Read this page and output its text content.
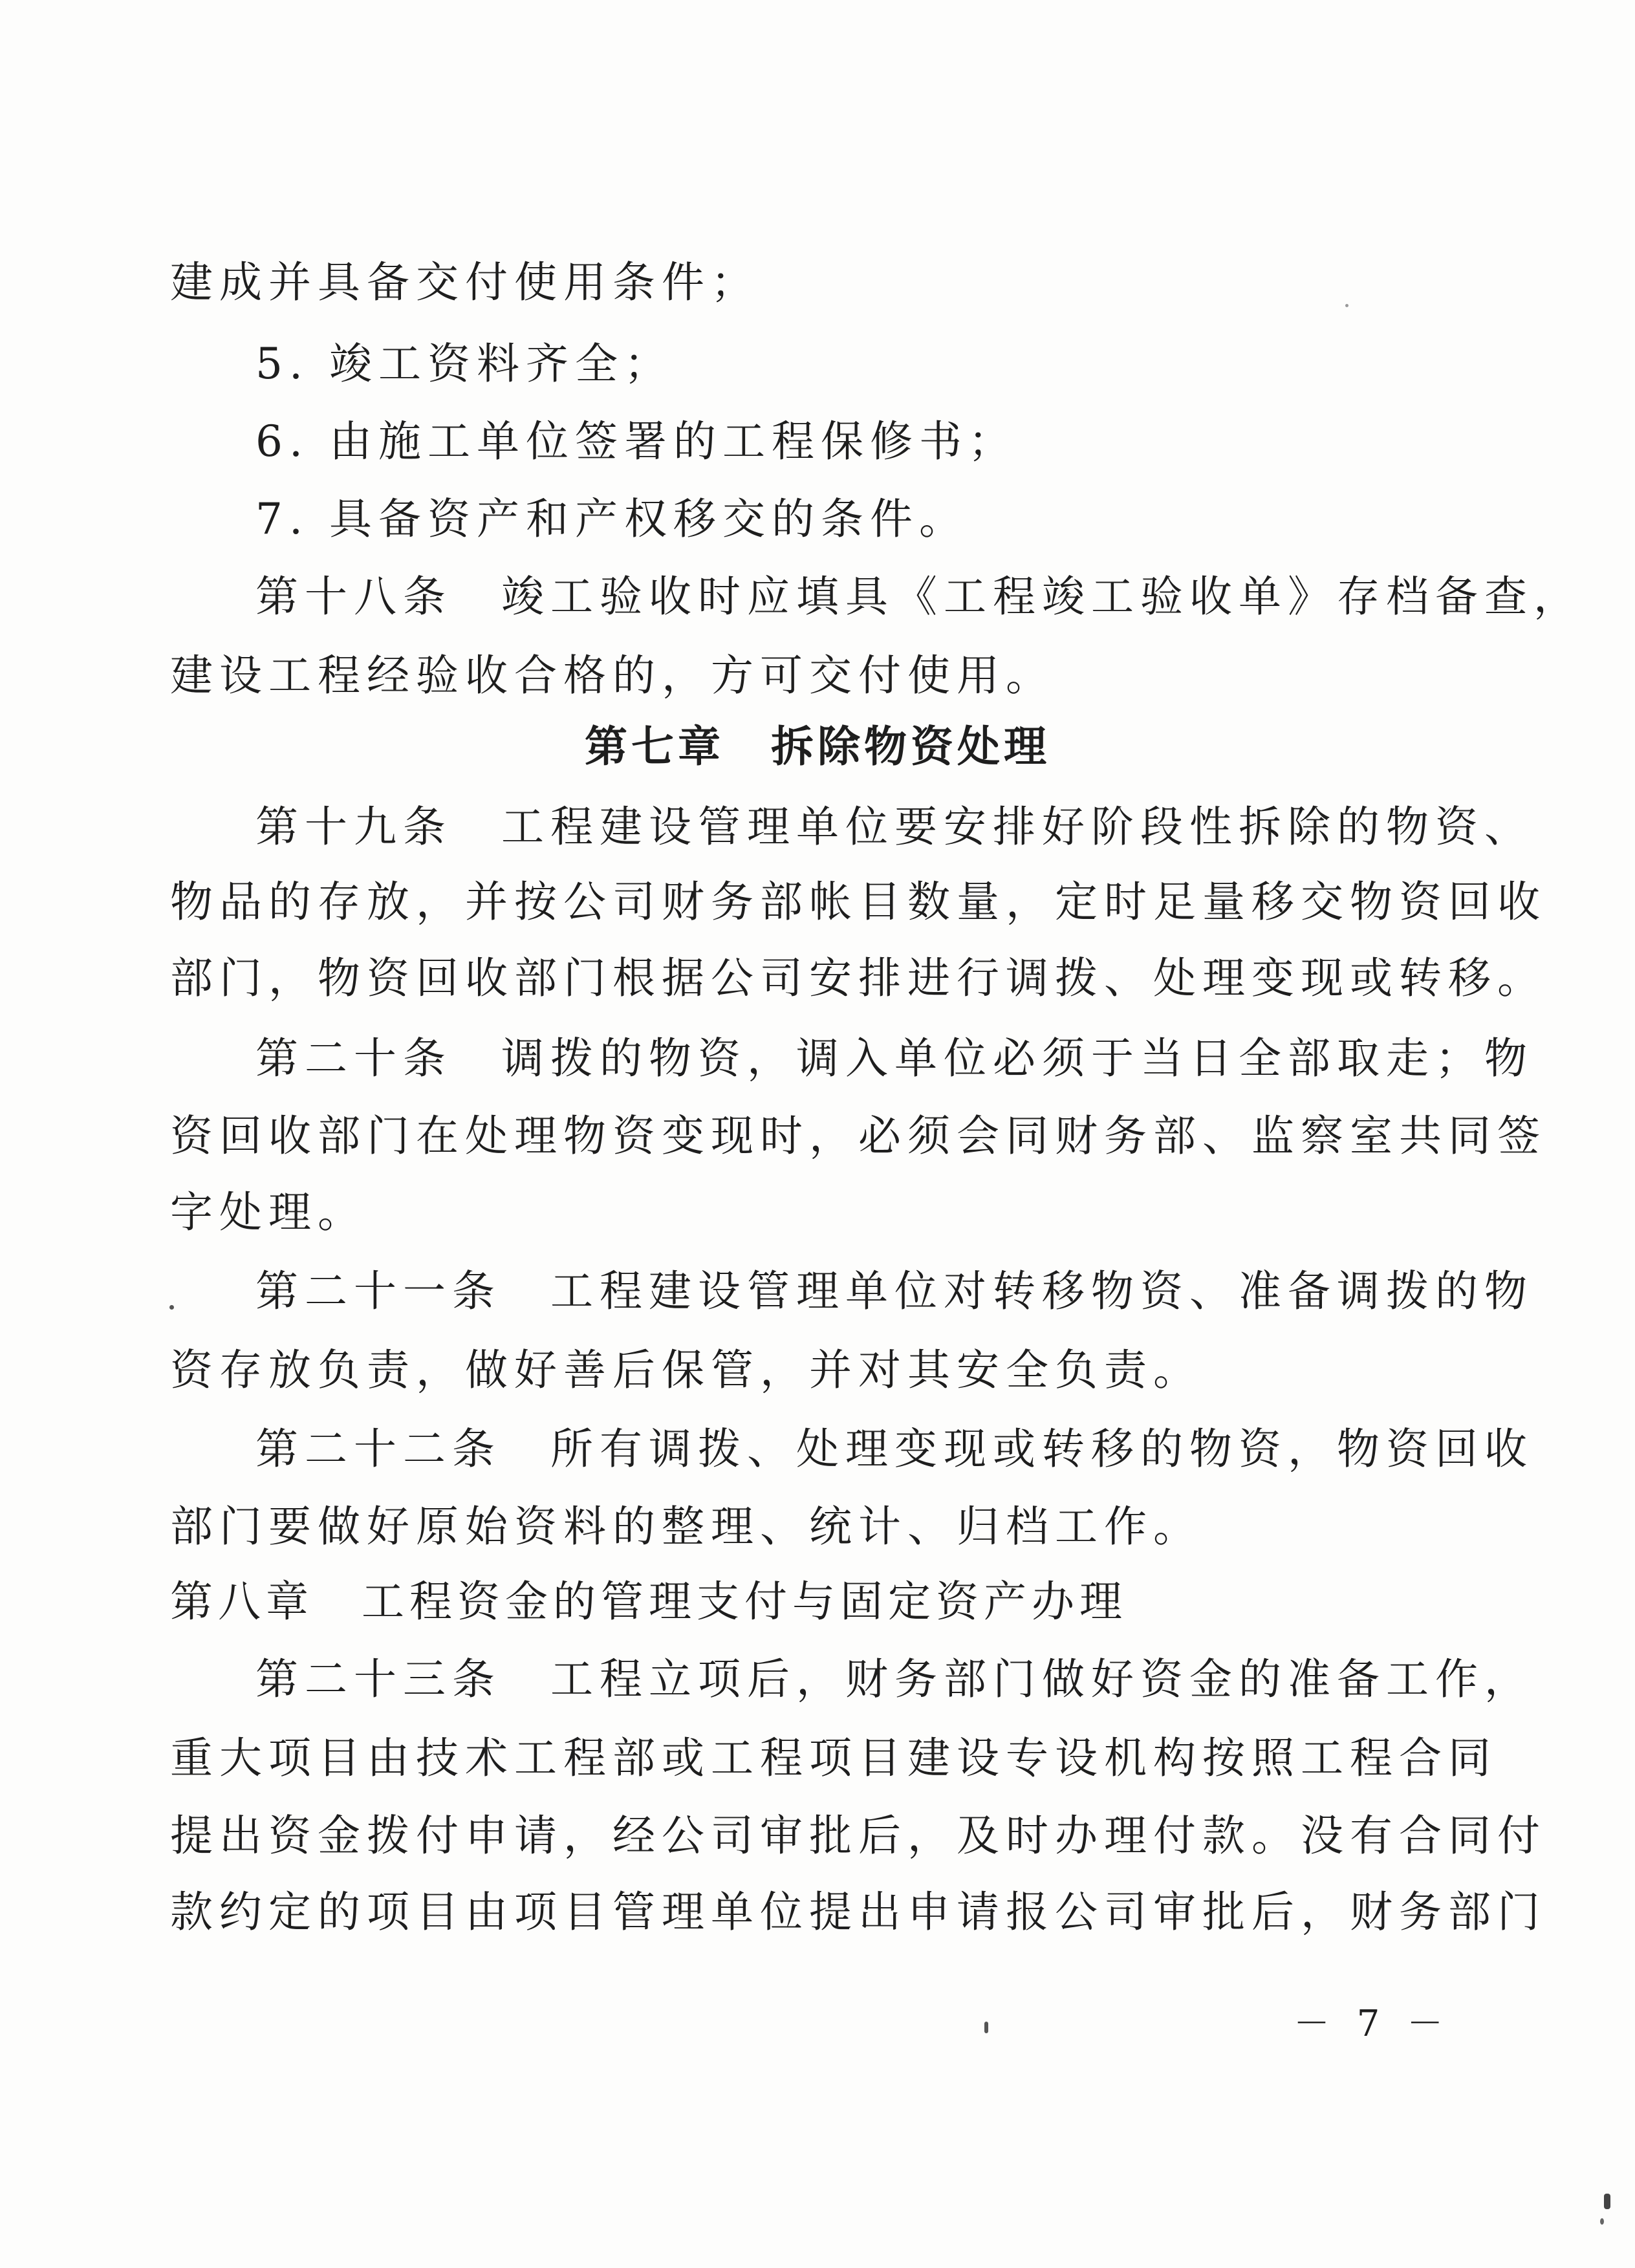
建成并具备交付使用条件；
5. 竣工资料齐全；
6. 由施工单位签署的工程保修书；
7. 具备资产和产权移交的条件。
第十八条　竣工验收时应填具《工程竣工验收单》存档备查，
建设工程经验收合格的，方可交付使用。
第七章　拆除物资处理
第十九条　工程建设管理单位要安排好阶段性拆除的物资、
物品的存放，并按公司财务部帐目数量，定时足量移交物资回收
部门，物资回收部门根据公司安排进行调拨、处理变现或转移。
第二十条　调拨的物资，调入单位必须于当日全部取走；物
资回收部门在处理物资变现时，必须会同财务部、监察室共同签
字处理。
第二十一条　工程建设管理单位对转移物资、准备调拨的物
资存放负责，做好善后保管，并对其安全负责。
第二十二条　所有调拨、处理变现或转移的物资，物资回收
部门要做好原始资料的整理、统计、归档工作。
第八章　工程资金的管理支付与固定资产办理
第二十三条　工程立项后，财务部门做好资金的准备工作，
重大项目由技术工程部或工程项目建设专设机构按照工程合同
提出资金拨付申请，经公司审批后，及时办理付款。没有合同付
款约定的项目由项目管理单位提出申请报公司审批后，财务部门
－ 7 －
